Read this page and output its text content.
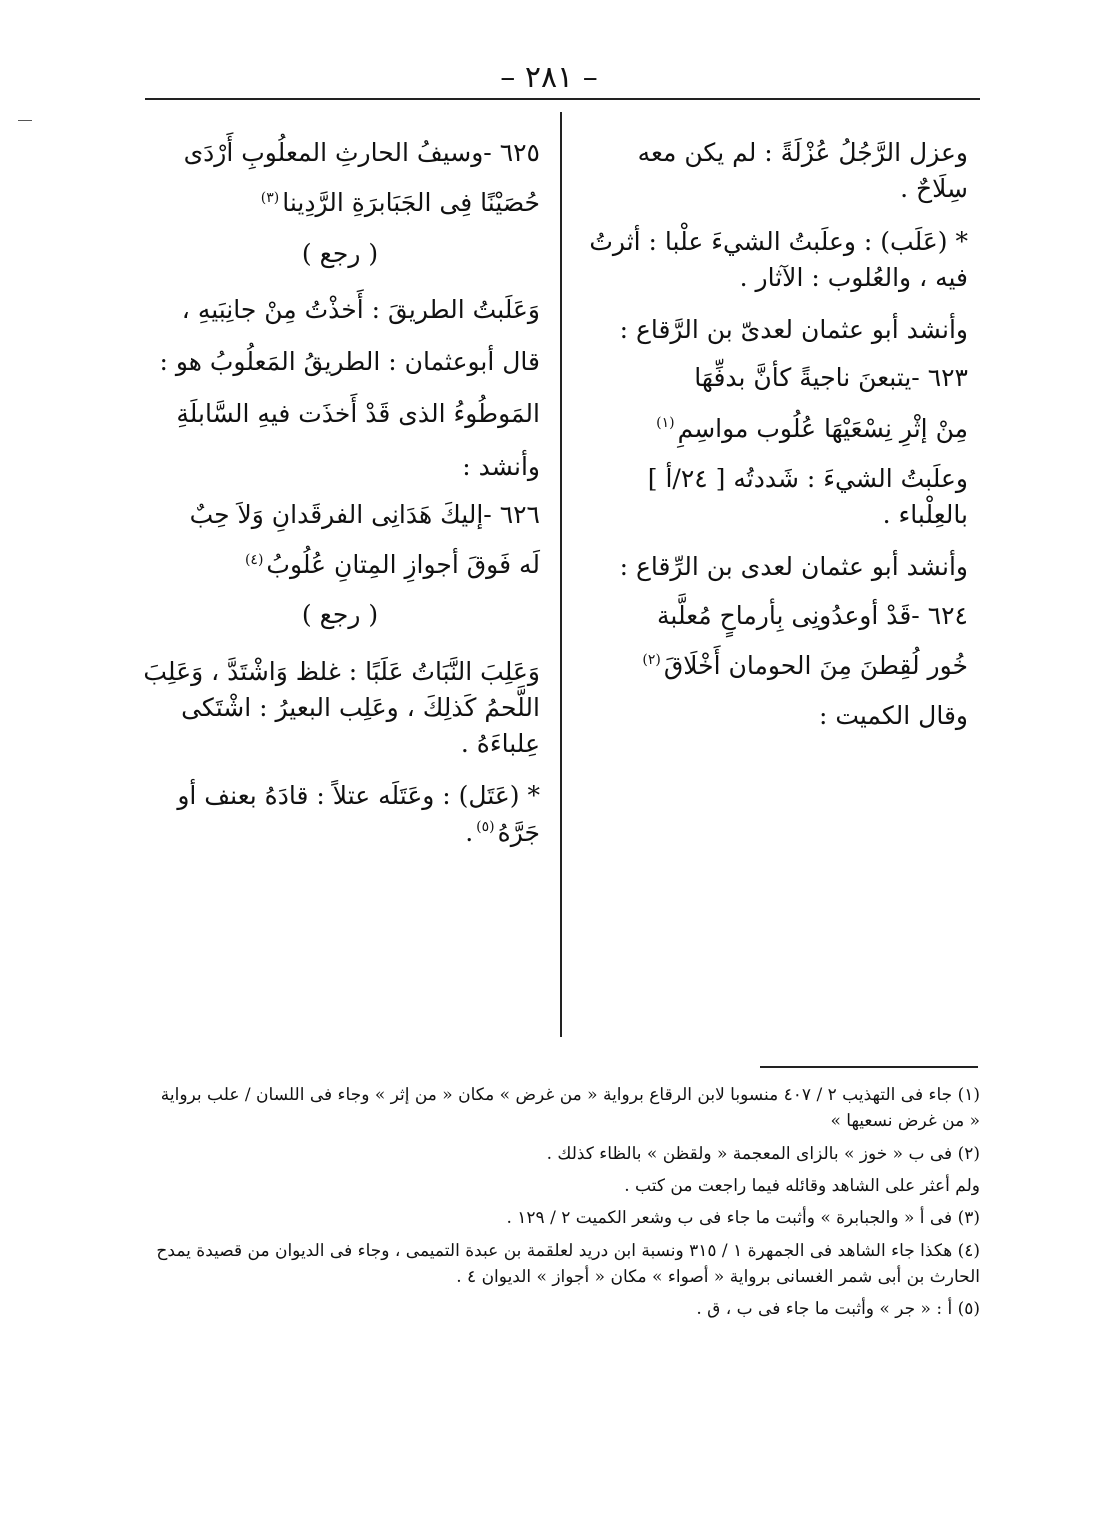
– ٢٨١ –

وعزل الرَّجُلُ عُزْلَةً : لم يكن معه سِلَاحٌ .

* (عَلَب) : وعلَبتُ الشيءَ علْبا : أثرتُ فيه ، والعُلوب : الآثار .

وأنشد أبو عثمان لعدىّ بن الرَّقاع :

٦٢٣ -يتبعنَ ناجيةً كأنَّ بدفِّهَا
مِنْ إثْرِ نِسْعَيْهَا عُلُوب مواسِمِ$^{(١)}$

وعلَبتُ الشيءَ : شَددتُه [ ٢٤/أ ] بالعِلْباء .

وأنشد أبو عثمان لعدى بن الرِّقاع :

٦٢٤ -قَدْ أوعدُونِى بِأرماحٍ مُعلَّبة
خُور لُقِطنَ مِنَ الحومان أَخْلَاقَ$^{(٢)}$

وقال الكميت :

٦٢٥ -وسيفُ الحارثِ المعلُوبِ أَرْدَى
حُصَيْنًا فِى الجَبَابرَةِ الرَّدِينا$^{(٣)}$
( رجع )

وَعَلَبتُ الطريقَ : أَخذْتُ مِنْ جانِبَيهِ ،

قال أبوعثمان : الطريقُ المَعلُوبُ هو :

المَوطُوءُ الذى قَدْ أَخذَت فيهِ السَّابلَةِ

وأنشد :

٦٢٦ -إليكَ هَدَانِى الفرقَدانِ وَلاَ حِبٌ
لَه فَوقَ أجوازِ المِتانِ عُلُوبُ$^{(٤)}$
( رجع )

وَعَلِبَ النَّبَاتُ عَلَبًا : غلظ وَاشْتَدَّ ، وَعَلِبَ اللَّحمُ كَذلِكَ ، وعَلِب البعيرُ : اشْتَكى عِلباءَهُ .

* (عَتَل) : وعَتَلَه عتلاً : قادَهُ بعنف أو جَرَّهُ$^{(٥)}$.

(١) جاء فى التهذيب ٢ / ٤٠٧ منسوبا لابن الرقاع برواية « من غرض » مكان « من إثر » وجاء فى اللسان / علب برواية « من غرض نسعيها »

(٢) فى ب « خوز » بالزاى المعجمة « ولقظن » بالظاء كذلك .

ولم أعثر على الشاهد وقائله فيما راجعت من كتب .

(٣) فى أ « والجبابرة » وأثبت ما جاء فى ب وشعر الكميت ٢ / ١٢٩ .

(٤) هكذا جاء الشاهد فى الجمهرة ١ / ٣١٥ ونسبة ابن دريد لعلقمة بن عبدة التميمى ، وجاء فى الديوان من قصيدة يمدح الحارث بن أبى شمر الغسانى برواية « أصواء » مكان « أجواز » الديوان ٤ .

(٥) أ : « جر » وأثبت ما جاء فى ب ، ق .
